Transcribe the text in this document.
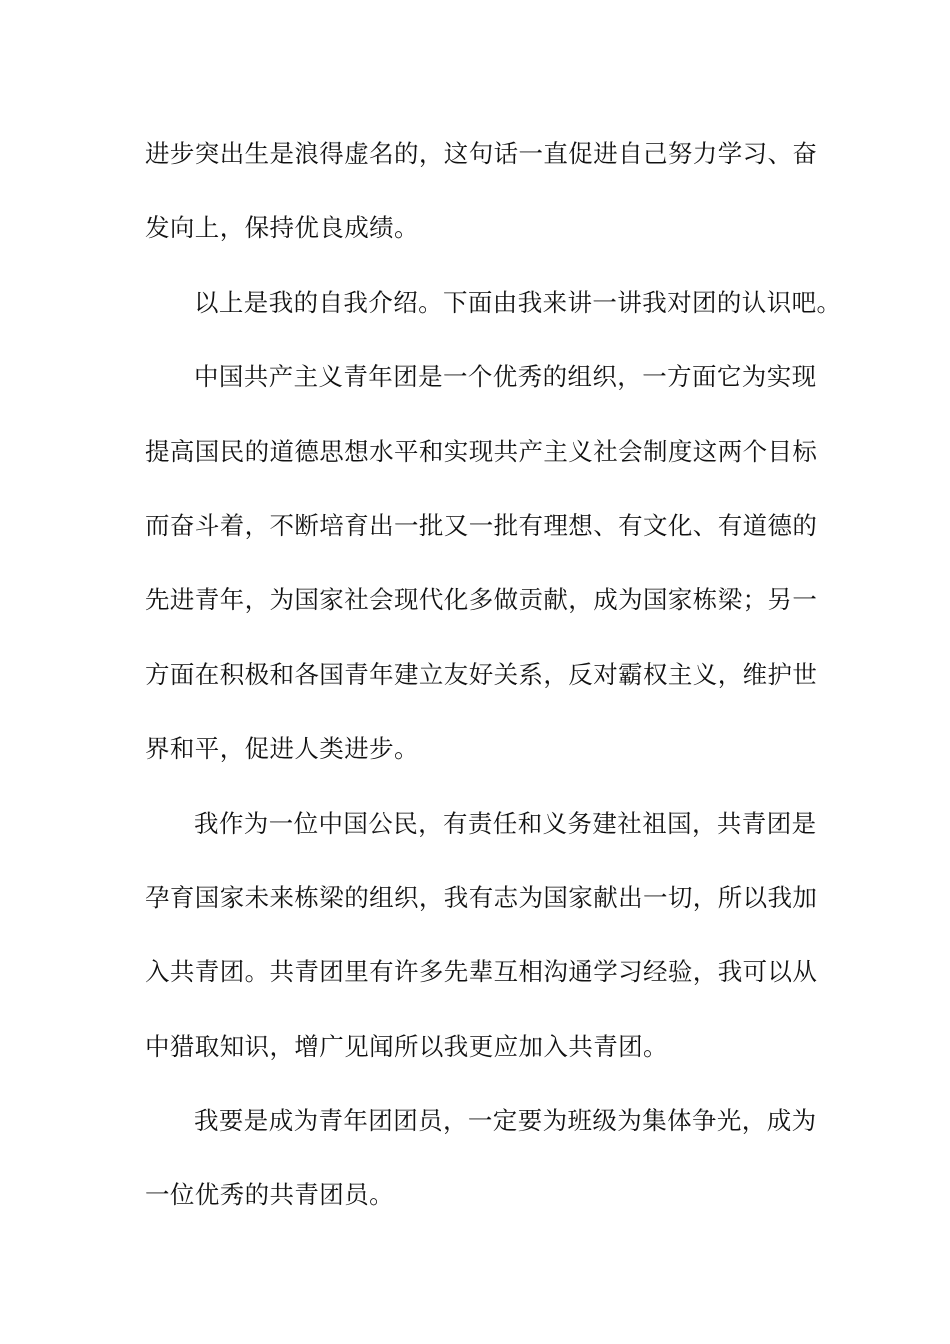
进步突出生是浪得虚名的，这句话一直促进自己努力学习、奋
发向上，保持优良成绩。
以上是我的自我介绍。下面由我来讲一讲我对团的认识吧。
中国共产主义青年团是一个优秀的组织，一方面它为实现
提高国民的道德思想水平和实现共产主义社会制度这两个目标
而奋斗着，不断培育出一批又一批有理想、有文化、有道德的
先进青年，为国家社会现代化多做贡献，成为国家栋梁；另一
方面在积极和各国青年建立友好关系，反对霸权主义，维护世
界和平，促进人类进步。
我作为一位中国公民，有责任和义务建社祖国，共青团是
孕育国家未来栋梁的组织，我有志为国家献出一切，所以我加
入共青团。共青团里有许多先辈互相沟通学习经验，我可以从
中猎取知识，增广见闻所以我更应加入共青团。
我要是成为青年团团员，一定要为班级为集体争光，成为
一位优秀的共青团员。
